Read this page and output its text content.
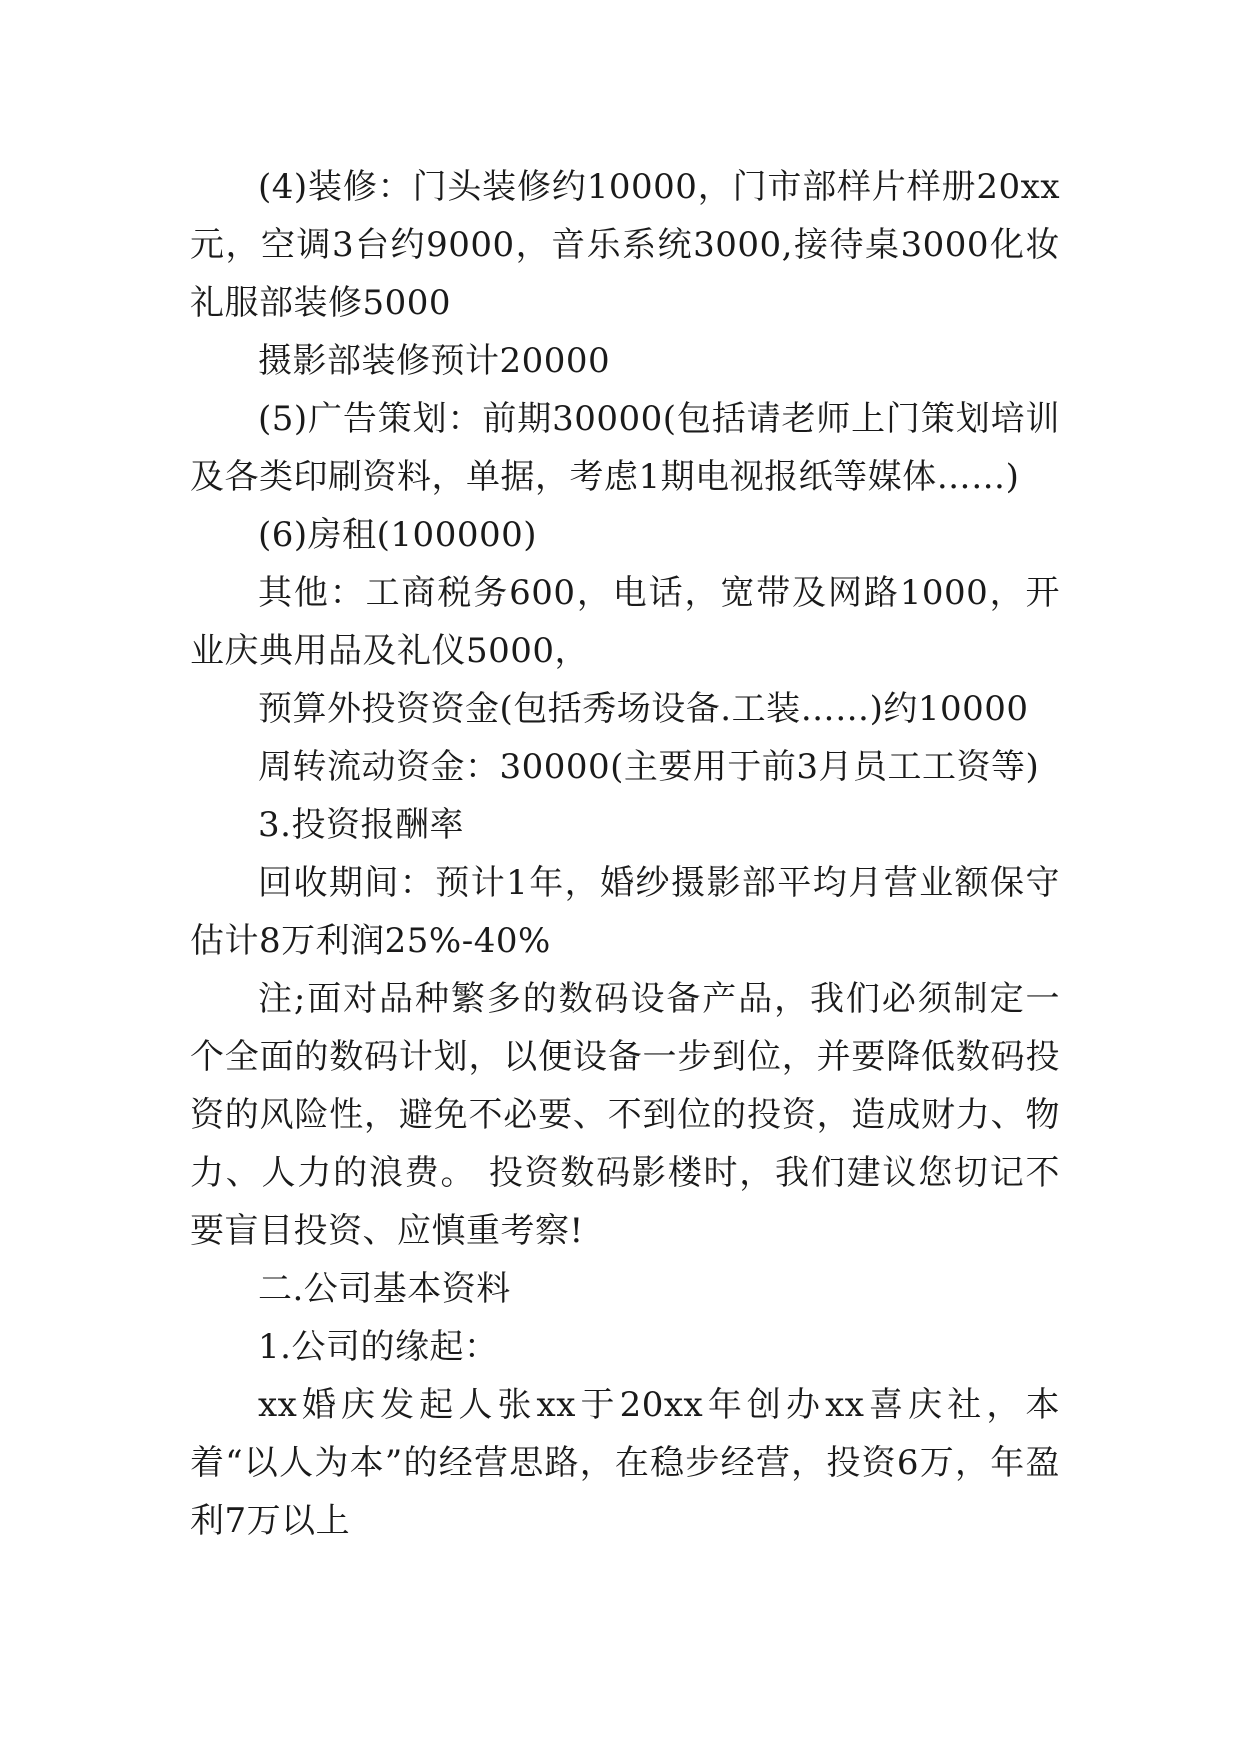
(4)装修：门头装修约10000，门市部样片样册20xx元，空调3台约9000，音乐系统3000,接待桌3000化妆礼服部装修5000

摄影部装修预计20000

(5)广告策划：前期30000(包括请老师上门策划培训及各类印刷资料，单据，考虑1期电视报纸等媒体……)

(6)房租(100000)

其他：工商税务600，电话，宽带及网路1000，开业庆典用品及礼仪5000，

预算外投资资金(包括秀场设备.工装……)约10000

周转流动资金：30000(主要用于前3月员工工资等)

3.投资报酬率

回收期间：预计1年，婚纱摄影部平均月营业额保守估计8万利润25%-40%

注;面对品种繁多的数码设备产品，我们必须制定一个全面的数码计划，以便设备一步到位，并要降低数码投资的风险性，避免不必要、不到位的投资，造成财力、物力、人力的浪费。 投资数码影楼时，我们建议您切记不要盲目投资、应慎重考察!

二.公司基本资料

1.公司的缘起：

xx婚庆发起人张xx于20xx年创办xx喜庆社，本着“以人为本”的经营思路，在稳步经营，投资6万，年盈利7万以上
